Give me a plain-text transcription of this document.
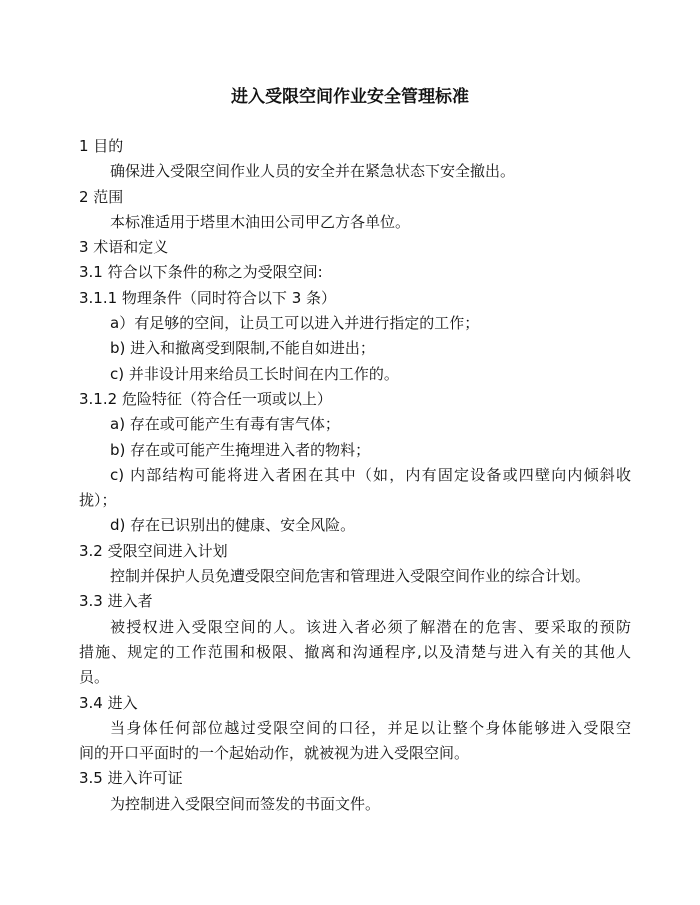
进入受限空间作业安全管理标准

1 目的

确保进入受限空间作业人员的安全并在紧急状态下安全撤出。

2 范围

本标准适用于塔里木油田公司甲乙方各单位。

3 术语和定义

3.1 符合以下条件的称之为受限空间:

3.1.1 物理条件（同时符合以下 3 条）

a）有足够的空间，让员工可以进入并进行指定的工作；

b) 进入和撤离受到限制,不能自如进出；

c) 并非设计用来给员工长时间在内工作的。

3.1.2 危险特征（符合任一项或以上）

a) 存在或可能产生有毒有害气体；

b) 存在或可能产生掩埋进入者的物料；

c) 内部结构可能将进入者困在其中（如，内有固定设备或四壁向内倾斜收

拢）；

d) 存在已识别出的健康、安全风险。

3.2 受限空间进入计划

控制并保护人员免遭受限空间危害和管理进入受限空间作业的综合计划。

3.3 进入者

被授权进入受限空间的人。该进入者必须了解潜在的危害、要采取的预防

措施、规定的工作范围和极限、撤离和沟通程序,以及清楚与进入有关的其他人

员。

3.4 进入

当身体任何部位越过受限空间的口径，并足以让整个身体能够进入受限空

间的开口平面时的一个起始动作，就被视为进入受限空间。

3.5 进入许可证

为控制进入受限空间而签发的书面文件。
